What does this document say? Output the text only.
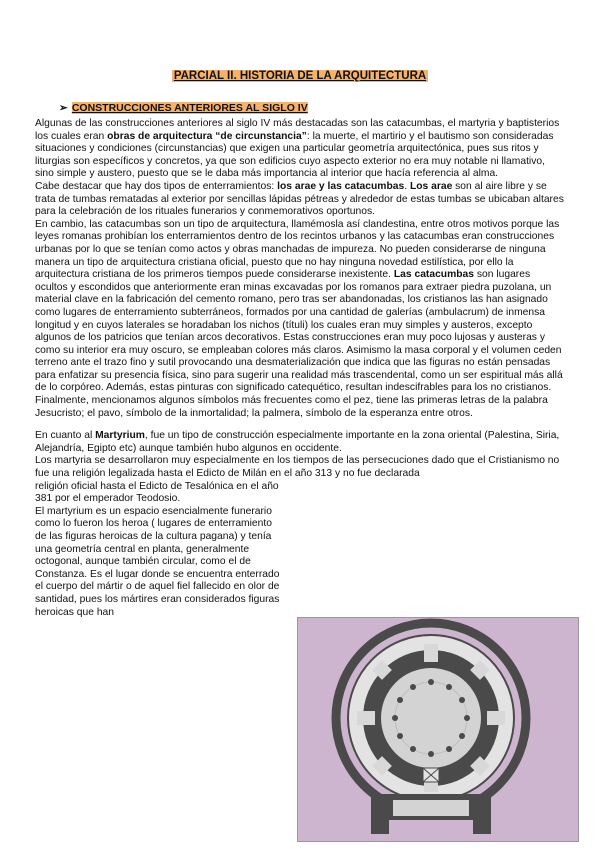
PARCIAL II. HISTORIA DE LA ARQUITECTURA
➢ CONSTRUCCIONES ANTERIORES AL SIGLO IV

Algunas de las construcciones anteriores al siglo IV más destacadas son las catacumbas, el martyria y baptisterios los cuales eran obras de arquitectura “de circunstancia”: la muerte, el martirio y el bautismo son consideradas situaciones y condiciones (circunstancias) que exigen una particular geometría arquitectónica, pues sus ritos y liturgias son específicos y concretos, ya que son edificios cuyo aspecto exterior no era muy notable ni llamativo, sino simple y austero, puesto que se le daba más importancia al interior que hacía referencia al alma.

Cabe destacar que hay dos tipos de enterramientos: los arae y las catacumbas. Los arae son al aire libre y se trata de tumbas rematadas al exterior por sencillas lápidas pétreas y alrededor de estas tumbas se ubicaban altares para la celebración de los rituales funerarios y conmemorativos oportunos.

En cambio, las catacumbas son un tipo de arquitectura, llamémosla así clandestina, entre otros motivos porque las leyes romanas prohibían los enterramientos dentro de los recintos urbanos y las catacumbas eran construcciones urbanas por lo que se tenían como actos y obras manchadas de impureza. No pueden considerarse de ninguna manera un tipo de arquitectura cristiana oficial, puesto que no hay ninguna novedad estilística, por ello la arquitectura cristiana de los primeros tiempos puede considerarse inexistente. Las catacumbas son lugares ocultos y escondidos que anteriormente eran minas excavadas por los romanos para extraer piedra puzolana, un material clave en la fabricación del cemento romano, pero tras ser abandonadas, los cristianos las han asignado como lugares de enterramiento subterráneos, formados por una cantidad de galerías (ambulacrum) de inmensa longitud y en cuyos laterales se horadaban los nichos (títuli) los cuales eran muy simples y austeros, excepto algunos de los patricios que tenían arcos decorativos. Estas construcciones eran muy poco lujosas y austeras y como su interior era muy oscuro, se empleaban colores más claros. Asimismo la masa corporal y el volumen ceden terreno ante el trazo fino y sutil provocando una desmaterialización que indica que las figuras no están pensadas para enfatizar su presencia física, sino para sugerir una realidad más trascendental, como un ser espiritual más allá de lo corpóreo. Además, estas pinturas con significado catequético, resultan indescifrables para los no cristianos. Finalmente, mencionamos algunos símbolos más frecuentes como el pez, tiene las primeras letras de la palabra Jesucristo; el pavo, símbolo de la inmortalidad; la palmera, símbolo de la esperanza entre otros.

En cuanto al Martyrium, fue un tipo de construcción especialmente importante en la zona oriental (Palestina, Siria, Alejandría, Egipto etc) aunque también hubo algunos en occidente.

Los martyria se desarrollaron muy especialmente en los tiempos de las persecuciones dado que el Cristianismo no fue una religión legalizada hasta el Edicto de Milán en el año 313 y no fue declarada

religión oficial hasta el Edicto de Tesalónica en el año 381 por el emperador Teodosio.

El martyrium es un espacio esencialmente funerario como lo fueron los heroa ( lugares de enterramiento de las figuras heroicas de la cultura pagana) y tenía una geometría central en planta, generalmente octogonal, aunque también circular, como el de Constanza. Es el lugar donde se encuentra enterrado el cuerpo del mártir o de aquel fiel fallecido en olor de santidad, pues los mártires eran considerados figuras heroicas que han
